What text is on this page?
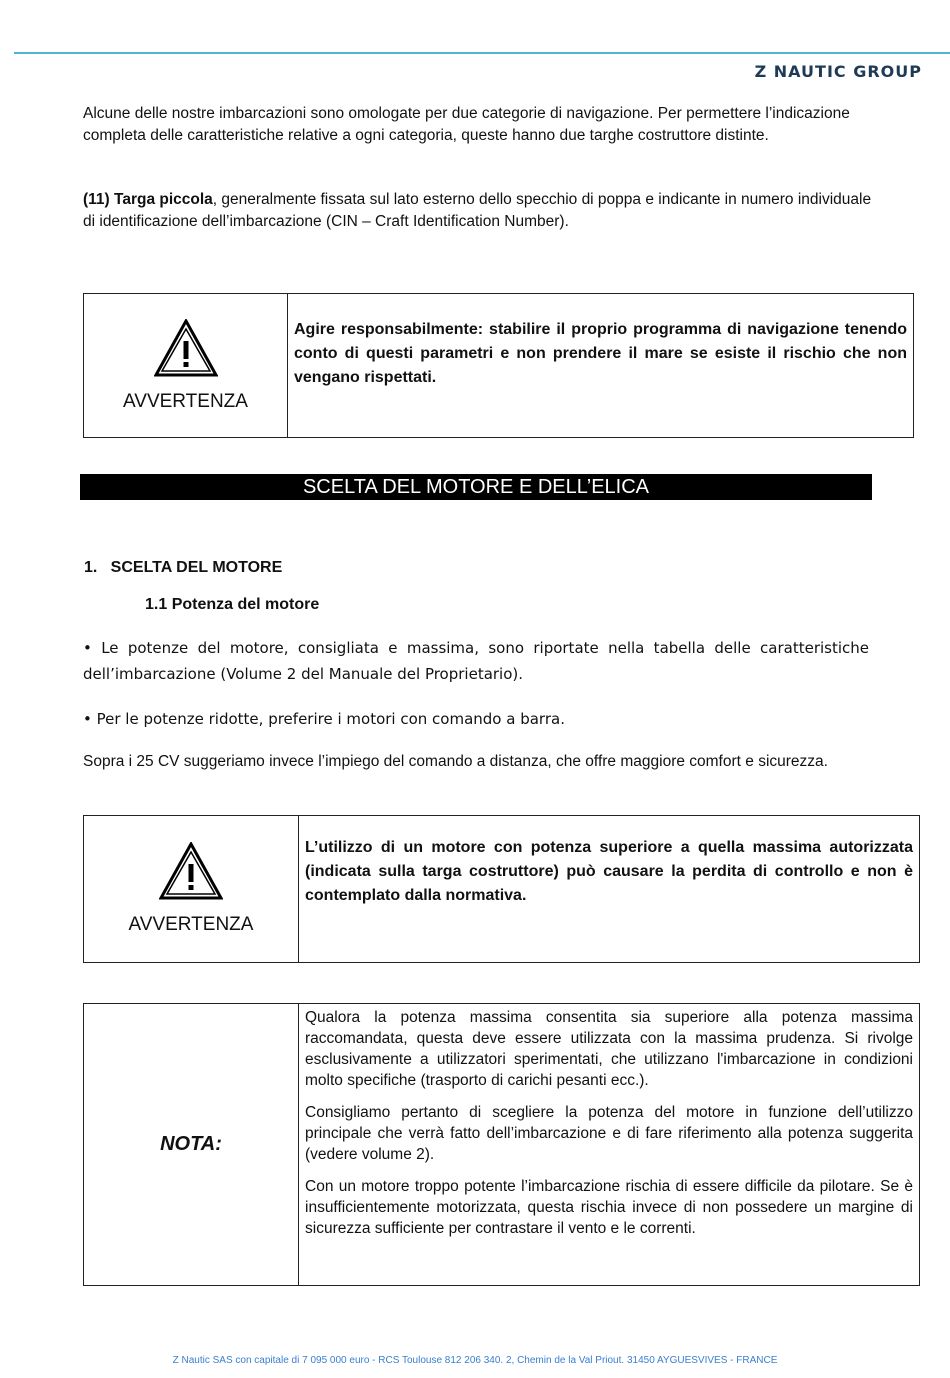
Z NAUTIC GROUP
Alcune delle nostre imbarcazioni sono omologate per due categorie di navigazione. Per permettere l’indicazione completa delle caratteristiche relative a ogni categoria, queste hanno due targhe costruttore distinte.
(11) Targa piccola, generalmente fissata sul lato esterno dello specchio di poppa e indicante in numero individuale di identificazione dell’imbarcazione (CIN – Craft Identification Number).
AVVERTENZA
Agire responsabilmente: stabilire il proprio programma di navigazione tenendo conto di questi parametri e non prendere il mare se esiste il rischio che non vengano rispettati.
SCELTA DEL MOTORE E DELL’ELICA
1.   SCELTA DEL MOTORE
1.1 Potenza del motore
• Le potenze del motore, consigliata e massima, sono riportate nella tabella delle caratteristiche dell’imbarcazione (Volume 2 del Manuale del Proprietario).
• Per le potenze ridotte, preferire i motori con comando a barra.
Sopra i 25 CV suggeriamo invece l’impiego del comando a distanza, che offre maggiore comfort e sicurezza.
AVVERTENZA
L’utilizzo di un motore con potenza superiore a quella massima autorizzata (indicata sulla targa costruttore) può causare la perdita di controllo e non è contemplato dalla normativa.
NOTA:

Qualora la potenza massima consentita sia superiore alla potenza massima raccomandata, questa deve essere utilizzata con la massima prudenza. Si rivolge esclusivamente a utilizzatori sperimentati, che utilizzano l'imbarcazione in condizioni molto specifiche (trasporto di carichi pesanti ecc.).

Consigliamo pertanto di scegliere la potenza del motore in funzione dell’utilizzo principale che verrà fatto dell’imbarcazione e di fare riferimento alla potenza suggerita (vedere volume 2).

Con un motore troppo potente l’imbarcazione rischia di essere difficile da pilotare. Se è insufficientemente motorizzata, questa rischia invece di non possedere un margine di sicurezza sufficiente per contrastare il vento e le correnti.

Z Nautic SAS con capitale di 7 095 000 euro - RCS Toulouse 812 206 340. 2, Chemin de la Val Priout. 31450 AYGUESVIVES - FRANCE
